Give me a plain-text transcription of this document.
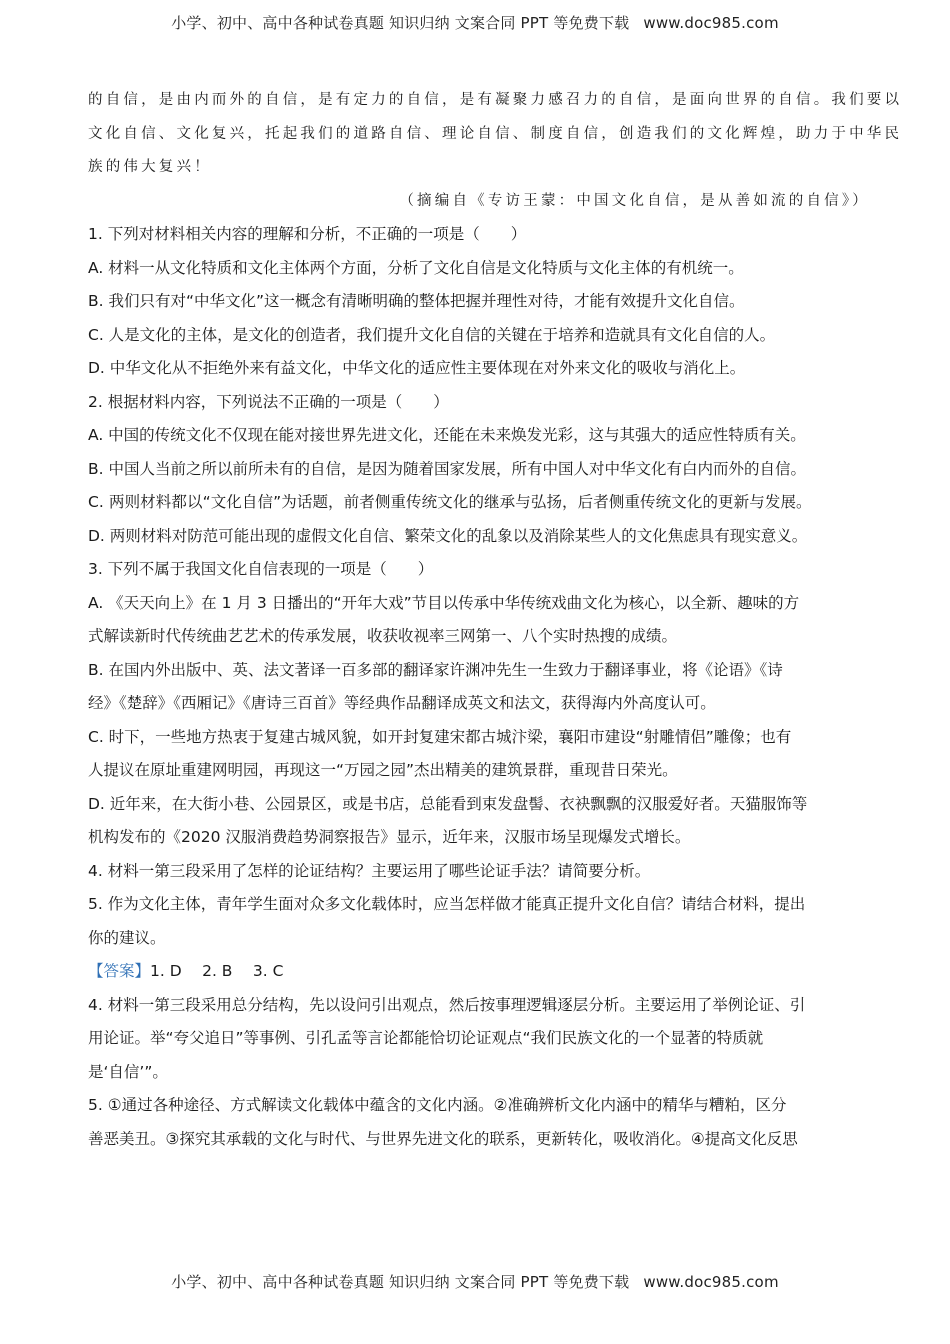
小学、初中、高中各种试卷真题 知识归纳 文案合同 PPT 等免费下载 www.doc985.com
的自信，是由内而外的自信，是有定力的自信，是有凝聚力感召力的自信，是面向世界的自信。我们要以
文化自信、文化复兴，托起我们的道路自信、理论自信、制度自信，创造我们的文化辉煌，助力于中华民
族的伟大复兴！
（摘编自《专访王蒙：中国文化自信，是从善如流的自信》）
1. 下列对材料相关内容的理解和分析，不正确的一项是（　　）
A. 材料一从文化特质和文化主体两个方面，分析了文化自信是文化特质与文化主体的有机统一。
B. 我们只有对“中华文化”这一概念有清晰明确的整体把握并理性对待，才能有效提升文化自信。
C. 人是文化的主体，是文化的创造者，我们提升文化自信的关键在于培养和造就具有文化自信的人。
D. 中华文化从不拒绝外来有益文化，中华文化的适应性主要体现在对外来文化的吸收与消化上。
2. 根据材料内容，下列说法不正确的一项是（　　）
A. 中国的传统文化不仅现在能对接世界先进文化，还能在未来焕发光彩，这与其强大的适应性特质有关。
B. 中国人当前之所以前所未有的自信，是因为随着国家发展，所有中国人对中华文化有白内而外的自信。
C. 两则材料都以“文化自信”为话题，前者侧重传统文化的继承与弘扬，后者侧重传统文化的更新与发展。
D. 两则材料对防范可能出现的虚假文化自信、繁荣文化的乱象以及消除某些人的文化焦虑具有现实意义。
3. 下列不属于我国文化自信表现的一项是（　　）
A. 《天天向上》在 1 月 3 日播出的“开年大戏”节目以传承中华传统戏曲文化为核心，以全新、趣味的方
式解读新时代传统曲艺艺术的传承发展，收获收视率三网第一、八个实时热搜的成绩。
B. 在国内外出版中、英、法文著译一百多部的翻译家许渊冲先生一生致力于翻译事业，将《论语》《诗
经》《楚辞》《西厢记》《唐诗三百首》等经典作品翻译成英文和法文，获得海内外高度认可。
C. 时下，一些地方热衷于复建古城风貌，如开封复建宋都古城汴梁，襄阳市建设“射雕情侣”雕像；也有
人提议在原址重建网明园，再现这一“万园之园”杰出精美的建筑景群，重现昔日荣光。
D. 近年来，在大街小巷、公园景区，或是书店，总能看到束发盘髻、衣袂飘飘的汉服爱好者。天猫服饰等
机构发布的《2020 汉服消费趋势洞察报告》显示，近年来，汉服市场呈现爆发式增长。
4. 材料一第三段采用了怎样的论证结构？主要运用了哪些论证手法？请简要分析。
5. 作为文化主体，青年学生面对众多文化载体时，应当怎样做才能真正提升文化自信？请结合材料，提出
你的建议。
【答案】1. D　 2. B　 3. C
4. 材料一第三段采用总分结构，先以设问引出观点，然后按事理逻辑逐层分析。主要运用了举例论证、引
用论证。举“夸父追日”等事例、引孔孟等言论都能恰切论证观点“我们民族文化的一个显著的特质就
是‘自信’”。
5. ①通过各种途径、方式解读文化载体中蕴含的文化内涵。②准确辨析文化内涵中的精华与糟粕，区分
善恶美丑。③探究其承载的文化与时代、与世界先进文化的联系，更新转化，吸收消化。④提高文化反思
小学、初中、高中各种试卷真题 知识归纳 文案合同 PPT 等免费下载 www.doc985.com
